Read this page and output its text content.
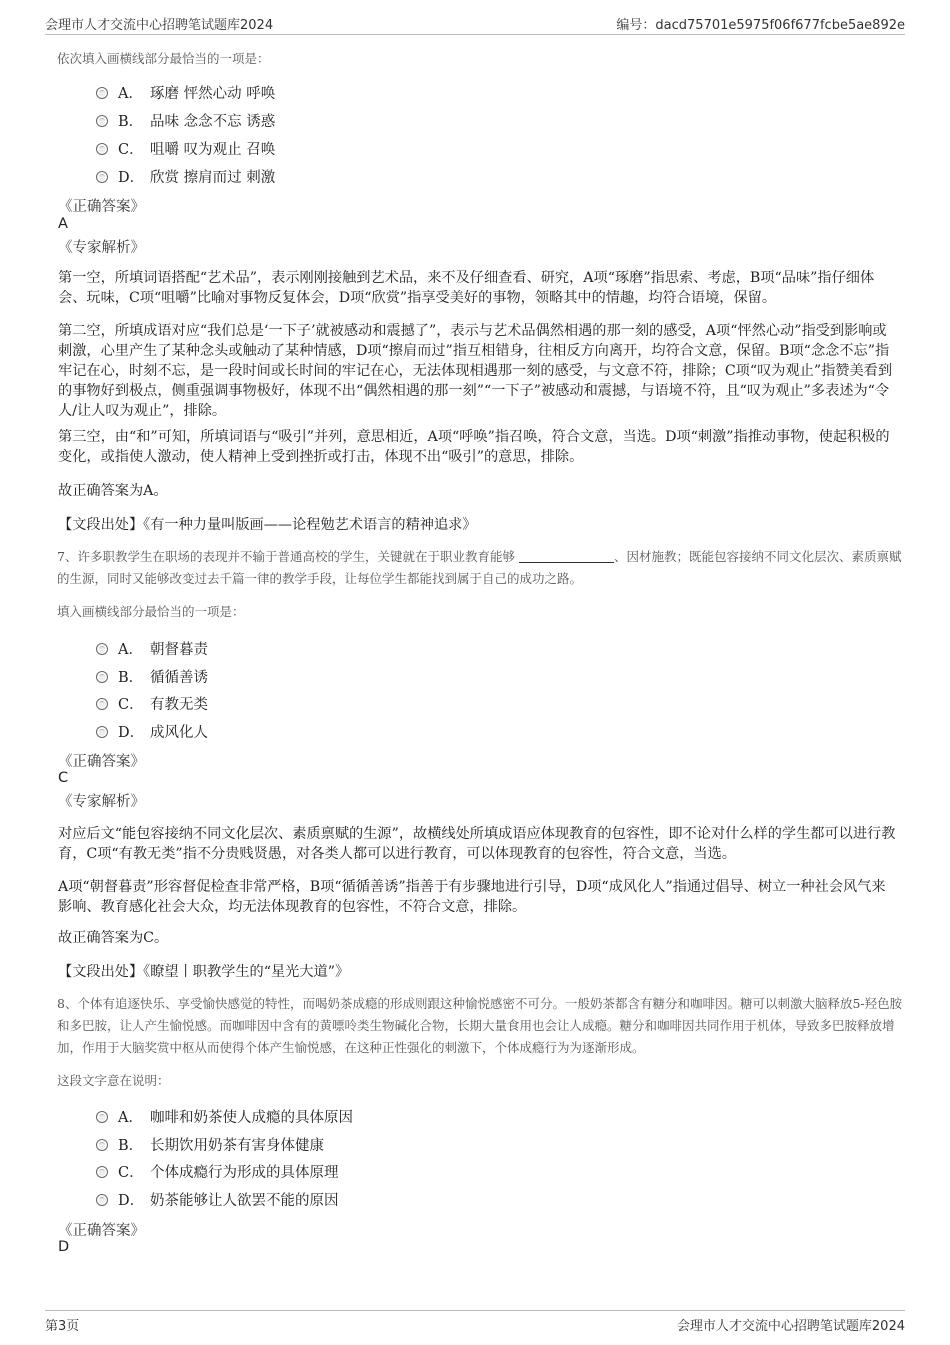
会理市人才交流中心招聘笔试题库2024	编号：dacd75701e5975f06f677fcbe5ae892e
依次填入画横线部分最恰当的一项是：
A． 琢磨 怦然心动 呼唤
B． 品味 念念不忘 诱惑
C． 咀嚼 叹为观止 召唤
D． 欣赏 擦肩而过 刺激
《正确答案》
A
《专家解析》
第一空，所填词语搭配“艺术品”，表示刚刚接触到艺术品，来不及仔细查看、研究，A项“琢磨”指思索、考虑，B项“品味”指仔细体会、玩味，C项“咀嚼”比喻对事物反复体会，D项“欣赏”指享受美好的事物，领略其中的情趣，均符合语境，保留。
第二空，所填成语对应“我们总是‘一下子’就被感动和震撼了”，表示与艺术品偶然相遇的那一刻的感受，A项“怦然心动”指受到影响或刺激，心里产生了某种念头或触动了某种情感，D项“擦肩而过”指互相错身，往相反方向离开，均符合文意，保留。B项“念念不忘”指牢记在心，时刻不忘，是一段时间或长时间的牢记在心，无法体现相遇那一刻的感受，与文意不符，排除；C项“叹为观止”指赞美看到的事物好到极点，侧重强调事物极好，体现不出“偶然相遇的那一刻”“一下子”被感动和震撼，与语境不符，且“叹为观止”多表述为“令人/让人叹为观止”，排除。
第三空，由“和”可知，所填词语与“吸引”并列，意思相近，A项“呼唤”指召唤，符合文意，当选。D项“刺激”指推动事物，使起积极的变化，或指使人激动，使人精神上受到挫折或打击，体现不出“吸引”的意思，排除。
故正确答案为A。
【文段出处】《有一种力量叫版画——论程勉艺术语言的精神追求》
7、许多职教学生在职场的表现并不输于普通高校的学生，关键就在于职业教育能够	、因材施教；既能包容接纳不同文化层次、素质禀赋的生源，同时又能够改变过去千篇一律的教学手段，让每位学生都能找到属于自己的成功之路。
填入画横线部分最恰当的一项是：
A． 朝督暮责
B． 循循善诱
C． 有教无类
D． 成风化人
《正确答案》
C
《专家解析》
对应后文“能包容接纳不同文化层次、素质禀赋的生源”，故横线处所填成语应体现教育的包容性，即不论对什么样的学生都可以进行教育，C项“有教无类”指不分贵贱贤愚，对各类人都可以进行教育，可以体现教育的包容性，符合文意，当选。
A项“朝督暮责”形容督促检查非常严格，B项“循循善诱”指善于有步骤地进行引导，D项“成风化人”指通过倡导、树立一种社会风气来影响、教育感化社会大众，均无法体现教育的包容性，不符合文意，排除。
故正确答案为C。
【文段出处】《瞭望丨职教学生的“星光大道”》
8、个体有追逐快乐、享受愉快感觉的特性，而喝奶茶成瘾的形成则跟这种愉悦感密不可分。一般奶茶都含有糖分和咖啡因。糖可以刺激大脑释放5-羟色胺和多巴胺，让人产生愉悦感。而咖啡因中含有的黄嘌呤类生物碱化合物，长期大量食用也会让人成瘾。糖分和咖啡因共同作用于机体，导致多巴胺释放增加，作用于大脑奖赏中枢从而使得个体产生愉悦感，在这种正性强化的刺激下，个体成瘾行为为逐渐形成。
这段文字意在说明：
A． 咖啡和奶茶使人成瘾的具体原因
B． 长期饮用奶茶有害身体健康
C． 个体成瘾行为形成的具体原理
D． 奶茶能够让人欲罢不能的原因
《正确答案》
D
第3页	会理市人才交流中心招聘笔试题库2024
